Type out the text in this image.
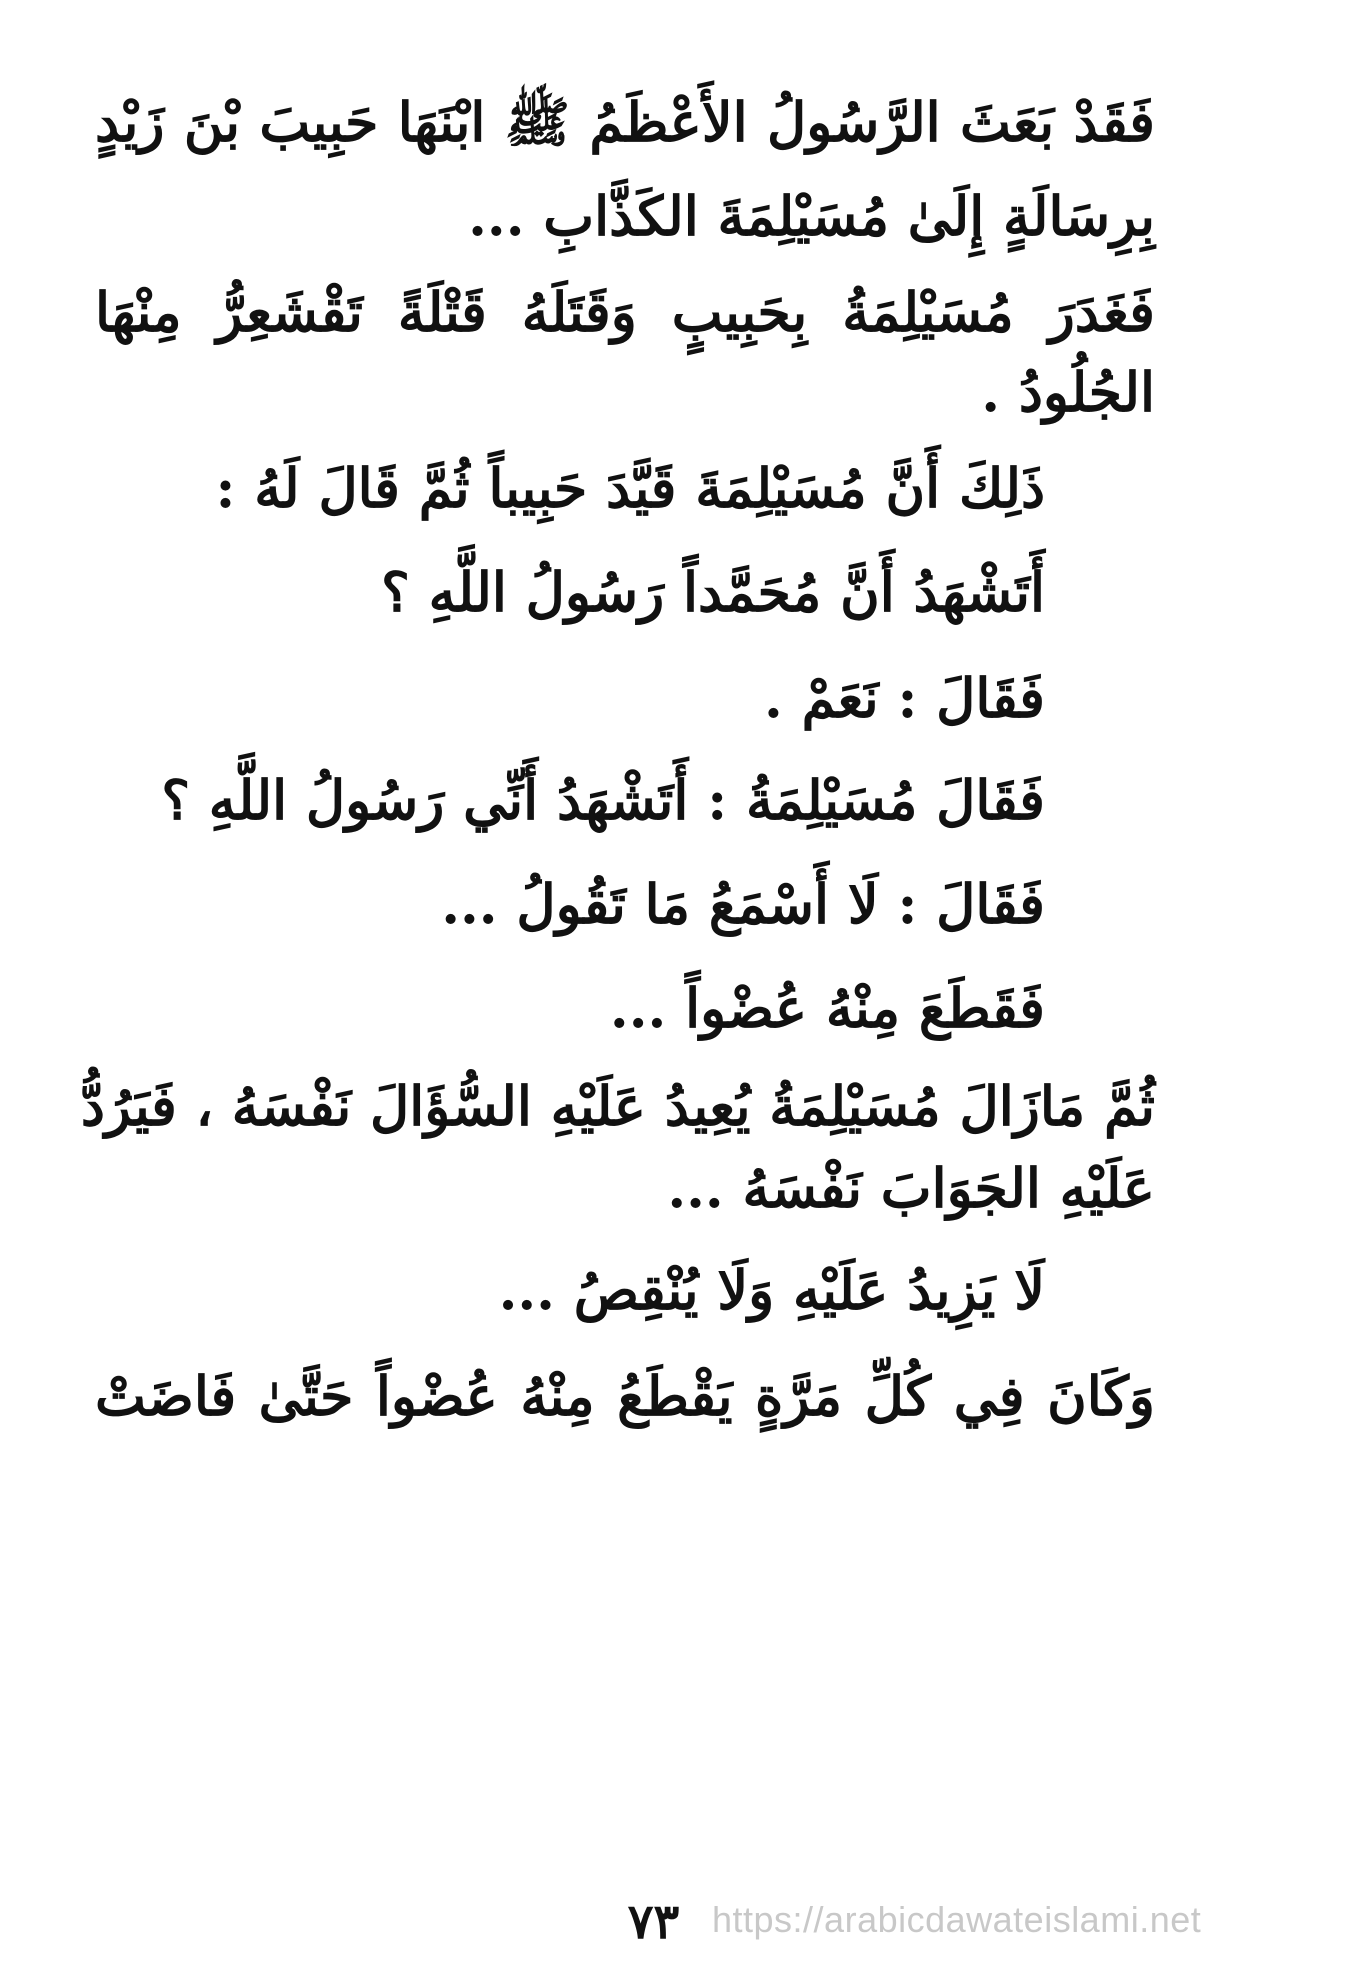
فَقَدْ بَعَثَ الرَّسُولُ الأَعْظَمُ ﷺ ابْنَهَا حَبِيبَ بْنَ زَيْدٍ
بِرِسَالَةٍ إِلَىٰ مُسَيْلِمَةَ الكَذَّابِ ...
فَغَدَرَ مُسَيْلِمَةُ بِحَبِيبٍ وَقَتَلَهُ قَتْلَةً تَقْشَعِرُّ مِنْهَا
الجُلُودُ .
ذَلِكَ أَنَّ مُسَيْلِمَةَ قَيَّدَ حَبِيباً ثُمَّ قَالَ لَهُ :
أَتَشْهَدُ أَنَّ مُحَمَّداً رَسُولُ اللَّهِ ؟
فَقَالَ : نَعَمْ .
فَقَالَ مُسَيْلِمَةُ : أَتَشْهَدُ أَنِّي رَسُولُ اللَّهِ ؟
فَقَالَ : لَا أَسْمَعُ مَا تَقُولُ ...
فَقَطَعَ مِنْهُ عُضْواً ...
ثُمَّ مَازَالَ مُسَيْلِمَةُ يُعِيدُ عَلَيْهِ السُّؤَالَ نَفْسَهُ ، فَيَرُدُّ
عَلَيْهِ الجَوَابَ نَفْسَهُ ...
لَا يَزِيدُ عَلَيْهِ وَلَا يُنْقِصُ ...
وَكَانَ فِي كُلِّ مَرَّةٍ يَقْطَعُ مِنْهُ عُضْواً حَتَّىٰ فَاضَتْ
٧٣ https://arabicdawateislami.net
